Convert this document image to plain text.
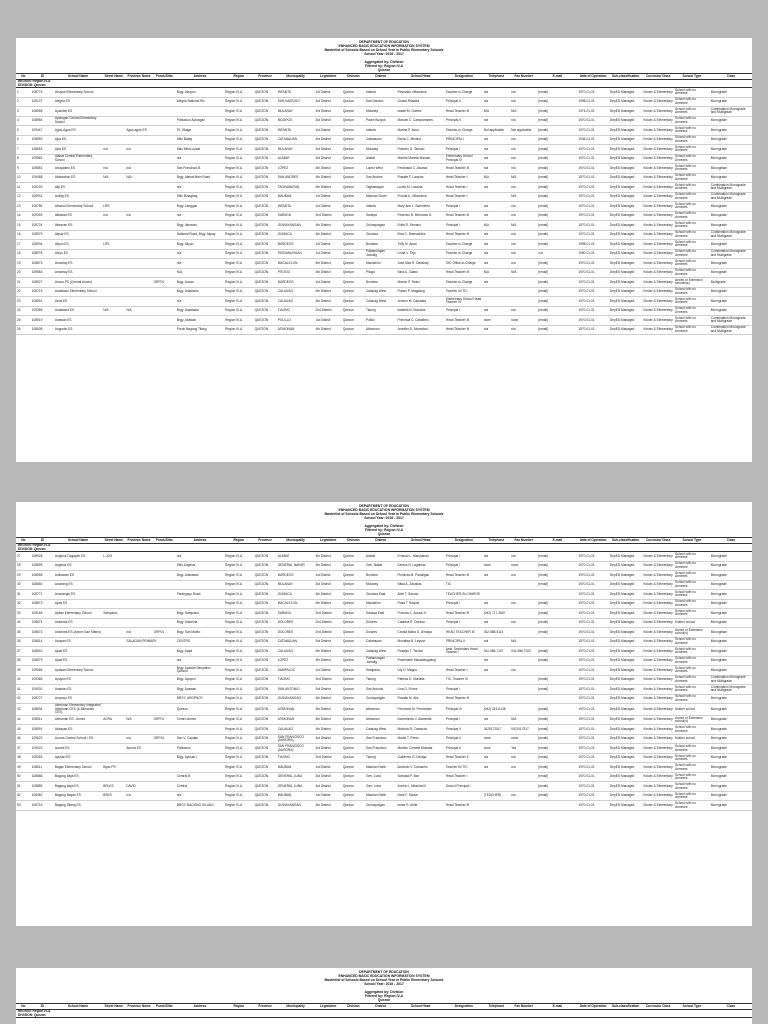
DEPARTMENT OF EDUCATION
ENHANCED BASIC EDUCATION INFORMATION SYSTEM
Masterlist of Schools Based on School Year in Public Elementary Schools
School Year: 2016 - 2017
Aggregated by: Division
Filtered by: Region IV-A
Quezon
No	ID	School Name	Street Name	Province Name	Purok/Sitio	Address	Region	Province	Municipality	Legislative	Division	District	School Head	Designation	Telephone	Fax Number	E-mail	Date of Operation	Sub-classification	Curricular Class	School Type	Class

REGION: Region IV-A
DIVISION: Quezon																						

1	108776	Abuyon Elementary School				Brgy. Abuyon	Region IV-A	QUEZON	INFANTA	1st District	Quezon	Infanta	Reynaldo Villanueva	Teacher-in-Charge	n/a	n/a	[email]	1970-01-01	DepED Managed	Kinder & Elementary	School with no Annexes	Monograde
2	109137	Alegria ES				Alegria National Rd.	Region IV-A	QUEZON	SAN NARCISO	3rd District	Quezon	San Narciso	Gracia Rosales	Principal II	n/a	n/a	[email]	1998-01-01	DepED Managed	Kinder & Elementary	School with no Annexes	Monograde
3	108558	Apacible ES					Region IV-A	QUEZON	MULANAY	3rd District	Quezon	Mulanay	Isabel M. Gomez	Head Teacher III	N/A	N/A	[email]	1974-01-01	DepED Managed	Kinder & Elementary	School with no Annexes	Combination Monograde and Multigrade
4	108954	Aplangan Central Elementary School				Poblacion Aplangan	Region IV-A	QUEZON	MOGPOG	3rd District	Quezon	Padre Burgos	Manuel C. Campomanes	Principal II	n/a	n/a	[email]	1970-01-01	DepED Managed	Kinder & Elementary	School with no Annexes	Monograde
5	109447	Agos-Agos ES		Agos-agos ES		Pt. Village	Region IV-A	QUEZON	INFANTA	1st District	Quezon	Infanta	Marina P. Aloro	Teacher-In-Charge	Not applicable	Not applicable	[email]	1970-01-01	DepED Managed	Kinder & Elementary	School with no Annexes	Monograde
6	108653	Ajos ES				Sitio Balag	Region IV-A	QUEZON	CATANAUAN	3rd District	Quezon	Catanauan	Elena C. Medina	PRINCIPAL I	n/a	n/a	[email]	1946-01-01	DepED Managed	Kinder & Elementary	School with no Annexes	Monograde
7	108653	Ajos ES	n/a	n/a		Sitio Mina Lipasi	Region IV-A	QUEZON	MULANAY	3rd District	Quezon	Mulanay	Roberto G. Tabudo	Principal I	n/a	n/a	[email]	1970-01-01	DepED Managed	Kinder & Elementary	School with no Annexes	Monograde
8	109583	Alabat Central Elementary School				n/a	Region IV-A	QUEZON	ALABAT	3rd District	Quezon	Alabat	Martha Marella Manalo	Elementary School Principal III	n/a	n/a	[email]	1970-01-01	DepED Managed	Kinder & Elementary	School with no Annexes	Monograde
9	108851	Abuyadino ES	n/a	n/a		San Francisco B.	Region IV-A	QUEZON	LOPEZ	4th District	Quezon	Lopez West	Ferdinand C. Alcaraz	Head Teacher III	n/a	n/a	[email]	1970-01-01	DepED Managed	Kinder & Elementary	School with no Annexes	Monograde
10	109088	Abbotabon ES	N/A	N/A		Brgy. Alabat Main Road	Region IV-A	QUEZON	SAN ANDRES	4th District	Quezon	San Andres	Rosalie F. Lacsina	Head Teacher I	N/A	N/A	[email]	1970-01-01	DepED Managed	Kinder & Elementary	School with no Annexes	Monograde
11	109193	Aliji ES				n/a	Region IV-A	QUEZON	TAGKAWAYAN	4th District	Quezon	Tagkawayan	Lucita M. Lacsina	Head Teacher I	n/a	n/a	[email]	1970-01-01	DepED Managed	Kinder & Elementary	School with no Annexes	Combination Monograde and Multigrade
12	108931	Anilag ES				Sitio Binagbag	Region IV-A	QUEZON	MAUBAN	1st District	Quezon	Mauban South	Florida A. Villanueva	Head Teacher I		N/A	[email]	1970-01-01	DepED Managed	Kinder & Elementary	School with no Annexes	Combination Monograde and Multigrade
13	108786	Alfonso Elementary School	LRS			Brgy. Langgas	Region IV-A	QUEZON	INFANTA	1st District	Quezon	Infanta	Mary Ann L. Sarmiento	Principal I	n/a	n/a	[email]	1970-01-01	DepED Managed	Kinder & Elementary	School with no Annexes	Monograde
14	109393	Alilawad ES	n/a	n/a		n/a	Region IV-A	QUEZON	SARIAYA	2nd District	Quezon	Sariaya	Federico B. Mendoza Jr.	Head Teacher III	n/a	n/a	[email]	1970-01-01	DepED Managed	Kinder & Elementary	School with no Annexes	Monograde
15	108724	Almacen ES				Brgy. Almacen	Region IV-A	QUEZON	GUINAYANGAN	4th District	Quezon	Guinayangan	Erlita R. Serrano	Principal I	N/A	N/A	[email]	1970-01-01	DepED Managed	Kinder & Elementary	School with no Annexes	Monograde
16	108979	Alipay ES				National Road, Brgy. Alipay	Region IV-A	QUEZON	GUMACA	4th District	Quezon	Gumaca	Elsa C. Buenavides	Head Teacher III	n/a	n/a	[email]	1970-01-01	DepED Managed	Kinder & Elementary	School with no Annexes	Combination Monograde and Multigrade
17	108934	Aliyon ES	LRS			Brgy. Aliyon	Region IV-A	QUEZON	BURDEOS	1st District	Quezon	Burdeos	Yolly M. Apan	Teacher-in-Charge	n/a	n/a	[email]	1998-01-01	DepED Managed	Kinder & Elementary	School with no Annexes	Monograde
18	108978	Aloyo ES				n/a	Region IV-A	QUEZON	PATNANUNGAN	1st District	Quezon	Patnanungan Jomalig	Linda V. Tejo	Teacher-in-Charge	n/a	n/a	n/a	1980-01-01	DepED Managed	Kinder & Elementary	School with no Annexes	Combination Monograde and Multigrade
19	108873	Amontay ES				n/a	Region IV-A	QUEZON	MACALELON	4th District	Quezon	Macalelon	Jose Max R. Dakanay	OIC Office-in-Charge	n/a	n/a	[email]	1970-01-01	DepED Managed	Kinder & Elementary	School with no Annexes	Monograde
20	109583	Amontay ES				N/A	Region IV-A	QUEZON	PITOGO	4th District	Quezon	Pitogo	Nina A. Castro	Head Teacher III	N/A	N/A	[email]	1970-01-01	DepED Managed	Kinder & Elementary	School with no Annexes	Monograde
21	108927	Anoos PS (Central Annex)			GRP01	Brgy. Anoos	Region IV-A	QUEZON	BURDEOS	1st District	Quezon	Burdeos	Marlon P. Relox	Teacher-in-Charge	n/a		[email]	1970-01-01	DepED Managed	Kinder & Elementary	Annex or Extension schools(s)	Multigrade
22	108715	Anastacio Elementary School				Brgy. Anastacio	Region IV-A	QUEZON	CALAUAG	4th District	Quezon	Calauag West	Ruben P. Magdaog	Teacher III/ TIC			[email]	1970-01-01	DepED Managed	Kinder & Elementary	School with no Annexes	Monograde
23	108591	Anos ES				n/a	Region IV-A	QUEZON	CALAUAG	4th District	Quezon	Calauag West	Jericho M. Capadda	Elementary School Head Teacher III			[email]	1970-01-01	DepED Managed	Kinder & Elementary	School with no Annexes	Monograde
24	109355	Anastacia ES	N/A	N/A		Brgy. Anastacia	Region IV-A	QUEZON	TIAONG	2nd District	Quezon	Tiaong	Isabella N. Bonador	Principal I	n/a	n/a	[email]	1970-01-01	DepED Managed	Kinder & Elementary	School with no Annexes	Monograde
25	108919	Anawan ES				Brgy. Anawan	Region IV-A	QUEZON	POLILLO	1st District	Quezon	Polillo	Priminda C. Caballero	Head Teacher III	none	none	[email]	1970-01-01	DepED Managed	Kinder & Elementary	School with no Annexes	Combination Monograde and Multigrade
26	108508	Angustin ES				Purok Nagong Tilang	Region IV-A	QUEZON	ATIMONAN	4th District	Quezon	Atimonan	Jennifer D. Alvarabos	Head Teacher III	n/a	n/a	[email]	1970-01-01	DepED Managed	Kinder & Elementary	School with no Annexes	Combination Monograde and Multigrade
DEPARTMENT OF EDUCATION
ENHANCED BASIC EDUCATION INFORMATION SYSTEM
Masterlist of Schools Based on School Year in Public Elementary Schools
School Year: 2016 - 2017
Aggregated by: Division
Filtered by: Region IV-A
Quezon
No	ID	School Name	Street Name	Province Name	Purok/Sitio	Address	Region	Province	Municipality	Legislative	Division	District	School Head	Designation	Telephone	Fax Number	E-mail	Date of Operation	Sub-classification	Curricular Class	School Type	Class

REGION: Region IV-A
DIVISION: Quezon																						

27	108928	Angelus Cagayan ES	L-JOS			n/a	Region IV-A	QUEZON	ALABAT	4th District	Quezon	Alabat	Ernesto L. Manjuanao	Principal I	n/a	n/a	[email]	1970-01-01	DepED Managed	Kinder & Elementary	School with no Annexes	Monograde
28	108899	Angelus ES				Sitio Angelus	Region IV-A	QUEZON	GENERAL NAKAR	4th District	Quezon	Gen. Nakar	Dennis N. Lagrimas	Principal I	none	none	[email]	1970-01-01	DepED Managed	Kinder & Elementary	School with no Annexes	Monograde
29	108558	Anibawan ES				Brgy. Anibawan	Region IV-A	QUEZON	BURDEOS	1st District	Quezon	Burdeos	Florlinda M. Panaligan	Head Teacher III	n/a	n/a	[email]	1970-01-01	DepED Managed	Kinder & Elementary	School with no Annexes	Monograde
30	108650	Anonang ES					Region IV-A	QUEZON	MULANAY	3rd District	Quezon	Mulanay	Nilda A. Zacarias	TIC			[email]	1970-01-01	DepED Managed	Kinder & Elementary	School with no Annexes	Monograde
31	108771	Anonangin ES				Panlegayo Road	Region IV-A	QUEZON	GUMACA	4th District	Quezon	Gumaca East	Abel T. Sarnao	TEACHER-IN-CHARGE				1970-01-01	DepED Managed	Kinder & Elementary	School with no Annexes	Monograde
32	108873	Apas ES					Region IV-A	QUEZON	MACALELON	4th District	Quezon	Macalelon	Rosa T. Raquel	Principal I	n/a	n/a	[email]	1970-01-01	DepED Managed	Kinder & Elementary	School with no Annexes	Monograde
33	109166	Apitan Elementary School	Sampaloc			Brgy. Sampaloc	Region IV-A	QUEZON	SARIAYA	2nd District	Quezon	Sariaya East	Procoso L. Arcala Jr.	Head Teacher III	(042) 717-3607		[email]	1970-01-01	DepED Managed	Kinder & Elementary	School with no Annexes	Monograde
34	108674	Antonina ES				Brgy. Antonina	Region IV-A	QUEZON	DOLORES	2nd District	Quezon	Dolores	Catalina R. Onrasa	Principal I	n/a	n/a	[email]	1970-01-01	DepED Managed	Kinder & Elementary	Mother school	Monograde
35	108673	Antonina ES (Annex San Mateo)		n/a	GRP01	Brgy. San Mateo	Region IV-A	QUEZON	DOLORES	2nd District	Quezon	Dolores	Cecilia Maria D. Dimaya	HEAD TEACHER III	042-585-5114		[email]	1970-01-01	DepED Managed	Kinder & Elementary	Annex or Extension school(s)	Monograde
36	108614	Anuyan ES		SALAGAN PRIMARY		CENTRO	Region IV-A	QUEZON	CATANAUAN	3rd District	Quezon	Catanauan	Monalisa B. Leyson	PRINCIPAL II	n/a	N/A		1970-01-01	DepED Managed	Kinder & Elementary	School with no Annexes	Monograde
37	108942	Apad ES				Brgy. Apad	Region IV-A	QUEZON	CALAUAG	4th District	Quezon	Calauag West	Rosalyn T. Tendal	Asst. Secondary Head Teacher I	042-586-7107	042-586-7022	[email]	1970-01-01	DepED Managed	Kinder & Elementary	School with no Annexes	Monograde
38	108579	Apad ES				n/a	Region IV-A	QUEZON	LOPEZ	4th District	Quezon	Patnanungan Jomalig	Rosemarie Macadangdang		n/a		[email]	1970-01-01	DepED Managed	Kinder & Elementary	School with no Annexes	Monograde
39	109066	Apasan Elementary School				Brgy. Apasan Sampaloc, Quezon	Region IV-A	QUEZON	SAMPALOC	1st District	Quezon	Sampaloc	Lily D. Magno	Head Teacher I	n/a	n/a		1970-01-01	DepED Managed	Kinder & Elementary	School with no Annexes	Monograde
40	109365	Apuyon ES				Brgy. Apuyon	Region IV-A	QUEZON	TIAONG	2nd District	Quezon	Tiaong	Patricia D. Mortalla	TIC, Teacher III			[email]	1970-01-01	DepED Managed	Kinder & Elementary	School with no Annexes	Combination Monograde and Multigrade
41	109030	Anawan ES				Brgy. Anawan	Region IV-A	QUEZON	SAN ANTONIO	3rd District	Quezon	San Antonio	Lina D. Flores	Principal I			[email]	1970-01-01	DepED Managed	Kinder & Elementary	School with no Annexes	Combination Monograde and Multigrade
42	108727	Aropnoy ES				BRGY. AROPNOY	Region IV-A	QUEZON	GUINAYANGAN	4th District	Quezon	Guinayangan	Rosalie M. Aliz	Head Teacher III				1970-01-01	DepED Managed	Kinder & Elementary	School with no Annexes	Monograde
43	108534	Atimonan Elementary Integrated Atimonan CES (& Atimonan CES)				Quezon	Region IV-A	QUEZON	ATIMONAN	4th District	Quezon	Atimonan	Fernando M. Fernandez	Principal III	(042) 316-6138		[email]	1970-01-01	DepED Managed	Kinder & Elementary	Mother school	Monograde
44	108511	Atimonan ES - Annex	ACRA	N/A	GRP01	Centro Annex	Region IV-A	QUEZON	ATIMONAN	4th District	Quezon	Atimonan	Normelinda V. Alamedia	Principal I	n/a	N/A	[email]	1970-01-01	DepED Managed	Kinder & Elementary	Annex or Extension school(s)	Monograde
45	108591	Atulayan ES					Region IV-A	QUEZON	CALAUAG	4th District	Quezon	Calauag West	Melinda R. Camacho	Principal II	0425172517	0421017517	[email]	1970-01-01	DepED Managed	Kinder & Elementary	School with no Annexes	Monograde
46	109023	Aurora Central School / ES		n/a	GRP24	San V. Copdak	Region IV-A	QUEZON	SAN FRANCISCO (AURORA)	3rd District	Quezon	San Francisco	Madel T. Perez	Principal II	none	none	[email]	1970-01-01	DepED Managed	Kinder & Elementary	Mother school	Monograde
47	109023	Aurora ES		Aurora ES		Poblacion	Region IV-A	QUEZON	SAN FRANCISCO (AURORA)	3rd District	Quezon	San Francisco	Marilou Cometa Mortalla	Principal II	none	Yes	[email]	1970-01-01	DepED Managed	Kinder & Elementary	School with no Annexes	Monograde
48	109355	Ayusan ES				Brgy. Ayusan I	Region IV-A	QUEZON	TIAONG	2nd District	Quezon	Tiaong	Guillermo G. Dinaga	Head Teacher II	n/a	n/a	[email]	1970-01-01	DepED Managed	Kinder & Elementary	School with no Annexes	Monograde
49	108611	Bagac Elementary School	Bgac PS				Region IV-A	QUEZON	MAUBAN	1st District	Quezon	Mauban North	Amando V. Camacho	Teacher III/ TIC	n/a	n/a	[email]	1970-01-01	DepED Managed	Kinder & Elementary	School with no Annexes	Monograde
50	108866	Bagong Ilaya ES				Central B	Region IV-A	QUEZON	GENERAL LUNA	3rd District	Quezon	Gen. Luna	Soledad P. Bon	Head Teacher I			[email]	1970-01-01	DepED Managed	Kinder & Elementary	School with no Annexes	Monograde
51	108885	Bagong Ilaya ES	BRLES	DAVID		Central	Region IV-A	QUEZON	GENERAL LUNA	3rd District	Quezon	Gen. Luna	Aurelio I. Miranda III	School Principal I			[email]	1970-01-01	DepED Managed	Kinder & Elementary	School with no Annexes	Monograde
52	108482	Bagong Bayan ES	BSES	n/a		n/a	Region IV-A	QUEZON	MAUBAN	1st District	Quezon	Mauban North	Nora F. Sance		(TEACHER)	n/a	[email]	1970-01-01	DepED Managed	Kinder & Elementary	School with no Annexes	Monograde
53	108716	Bagong Silang ES				BRGY. BAGONG SILANG	Region IV-A	QUEZON	GUINAYANGAN	4th District	Quezon	Guinayangan	Ineza R. Arilla	Head Teacher III				1970-01-01	DepED Managed	Kinder & Elementary	School with no Annexes	Monograde
DEPARTMENT OF EDUCATION
ENHANCED BASIC EDUCATION INFORMATION SYSTEM
Masterlist of Schools Based on School Year in Public Elementary Schools
School Year: 2016 - 2017
Aggregated by: Division
Filtered by: Region IV-A
Quezon
No	ID	School Name	Street Name	Province Name	Purok/Sitio	Address	Region	Province	Municipality	Legislative	Division	District	School Head	Designation	Telephone	Fax Number	E-mail	Date of Operation	Sub-classification	Curricular Class	School Type	Class

REGION: Region IV-A
DIVISION: Quezon
